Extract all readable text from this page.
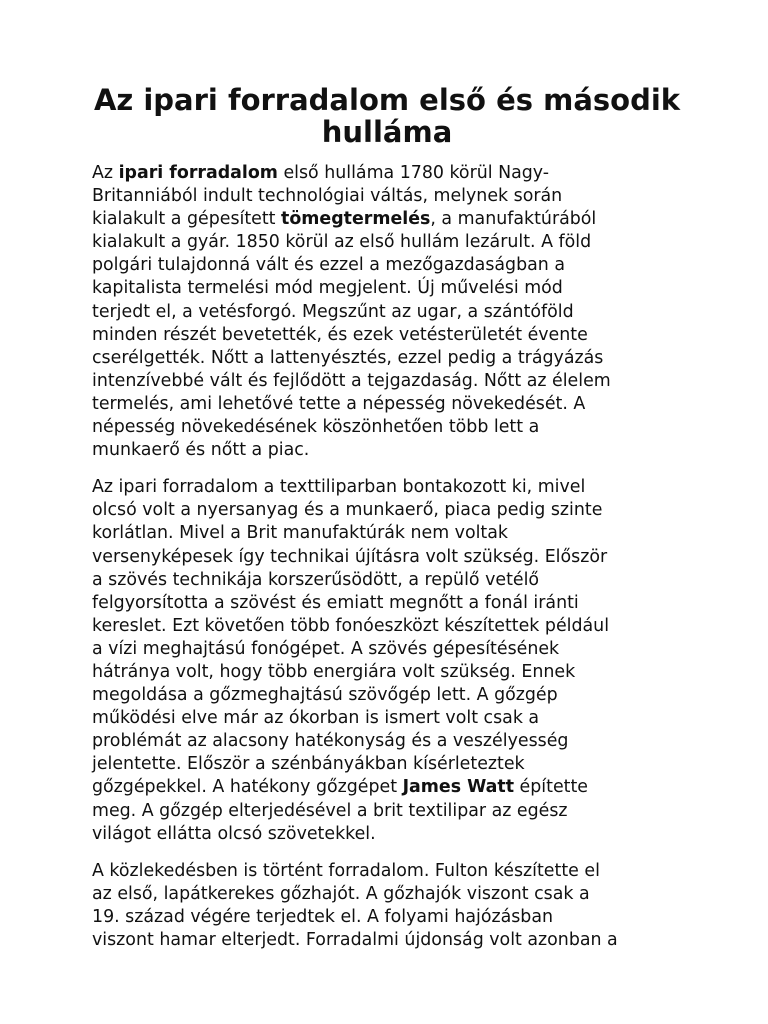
Az ipari forradalom első és második hulláma

Az ipari forradalom első hulláma 1780 körül Nagy-
Britanniából indult technológiai váltás, melynek során
kialakult a gépesített tömegtermelés, a manufaktúrából
kialakult a gyár. 1850 körül az első hullám lezárult. A föld
polgári tulajdonná vált és ezzel a mezőgazdaságban a
kapitalista termelési mód megjelent. Új művelési mód
terjedt el, a vetésforgó. Megszűnt az ugar, a szántóföld
minden részét bevetették, és ezek vetésterületét évente
cserélgették. Nőtt a lattenyésztés, ezzel pedig a trágyázás
intenzívebbé vált és fejlődött a tejgazdaság. Nőtt az élelem
termelés, ami lehetővé tette a népesség növekedését. A
népesség növekedésének köszönhetően több lett a
munkaerő és nőtt a piac.

Az ipari forradalom a texttiliparban bontakozott ki, mivel
olcsó volt a nyersanyag és a munkaerő, piaca pedig szinte
korlátlan. Mivel a Brit manufaktúrák nem voltak
versenyképesek így technikai újításra volt szükség. Először
a szövés technikája korszerűsödött, a repülő vetélő
felgyorsította a szövést és emiatt megnőtt a fonál iránti
kereslet. Ezt követően több fonóeszközt készítettek például
a vízi meghajtású fonógépet. A szövés gépesítésének
hátránya volt, hogy több energiára volt szükség. Ennek
megoldása a gőzmeghajtású szövőgép lett. A gőzgép
működési elve már az ókorban is ismert volt csak a
problémát az alacsony hatékonyság és a veszélyesség
jelentette. Először a szénbányákban kísérleteztek
gőzgépekkel. A hatékony gőzgépet James Watt építette
meg. A gőzgép elterjedésével a brit textilipar az egész
világot ellátta olcsó szövetekkel.

A közlekedésben is történt forradalom. Fulton készítette el
az első, lapátkerekes gőzhajót. A gőzhajók viszont csak a
19. század végére terjedtek el. A folyami hajózásban
viszont hamar elterjedt. Forradalmi újdonság volt azonban a
